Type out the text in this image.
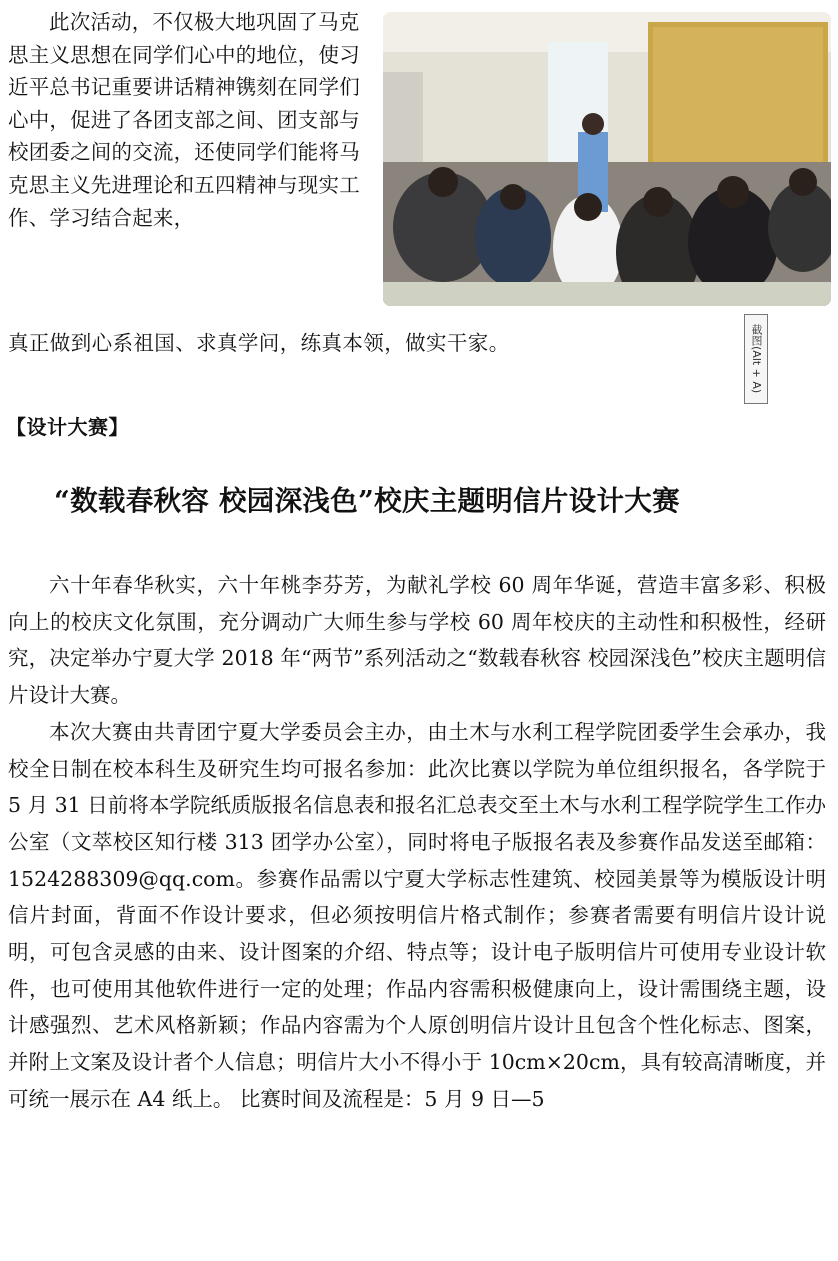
此次活动，不仅极大地巩固了马克思主义思想在同学们心中的地位，使习近平总书记重要讲话精神镌刻在同学们心中，促进了各团支部之间、团支部与校团委之间的交流，还使同学们能将马克思主义先进理论和五四精神与现实工作、学习结合起来，

真正做到心系祖国、求真学问，练真本领，做实干家。	截图(Alt + A)
【设计大赛】
“数载春秋容 校园深浅色”校庆主题明信片设计大赛

六十年春华秋实，六十年桃李芬芳，为献礼学校 60 周年华诞，营造丰富多彩、积极向上的校庆文化氛围，充分调动广大师生参与学校 60 周年校庆的主动性和积极性，经研究，决定举办宁夏大学 2018 年“两节”系列活动之“数载春秋容 校园深浅色”校庆主题明信片设计大赛。

本次大赛由共青团宁夏大学委员会主办，由土木与水利工程学院团委学生会承办，我校全日制在校本科生及研究生均可报名参加：此次比赛以学院为单位组织报名，各学院于 5 月 31 日前将本学院纸质版报名信息表和报名汇总表交至土木与水利工程学院学生工作办公室（文萃校区知行楼 313 团学办公室），同时将电子版报名表及参赛作品发送至邮箱：1524288309@qq.com。参赛作品需以宁夏大学标志性建筑、校园美景等为模版设计明信片封面，背面不作设计要求，但必须按明信片格式制作；参赛者需要有明信片设计说明，可包含灵感的由来、设计图案的介绍、特点等；设计电子版明信片可使用专业设计软件，也可使用其他软件进行一定的处理；作品内容需积极健康向上，设计需围绕主题，设计感强烈、艺术风格新颖；作品内容需为个人原创明信片设计且包含个性化标志、图案，并附上文案及设计者个人信息；明信片大小不得小于 10cm×20cm，具有较高清晰度，并可统一展示在 A4 纸上。 比赛时间及流程是：5 月 9 日—5
